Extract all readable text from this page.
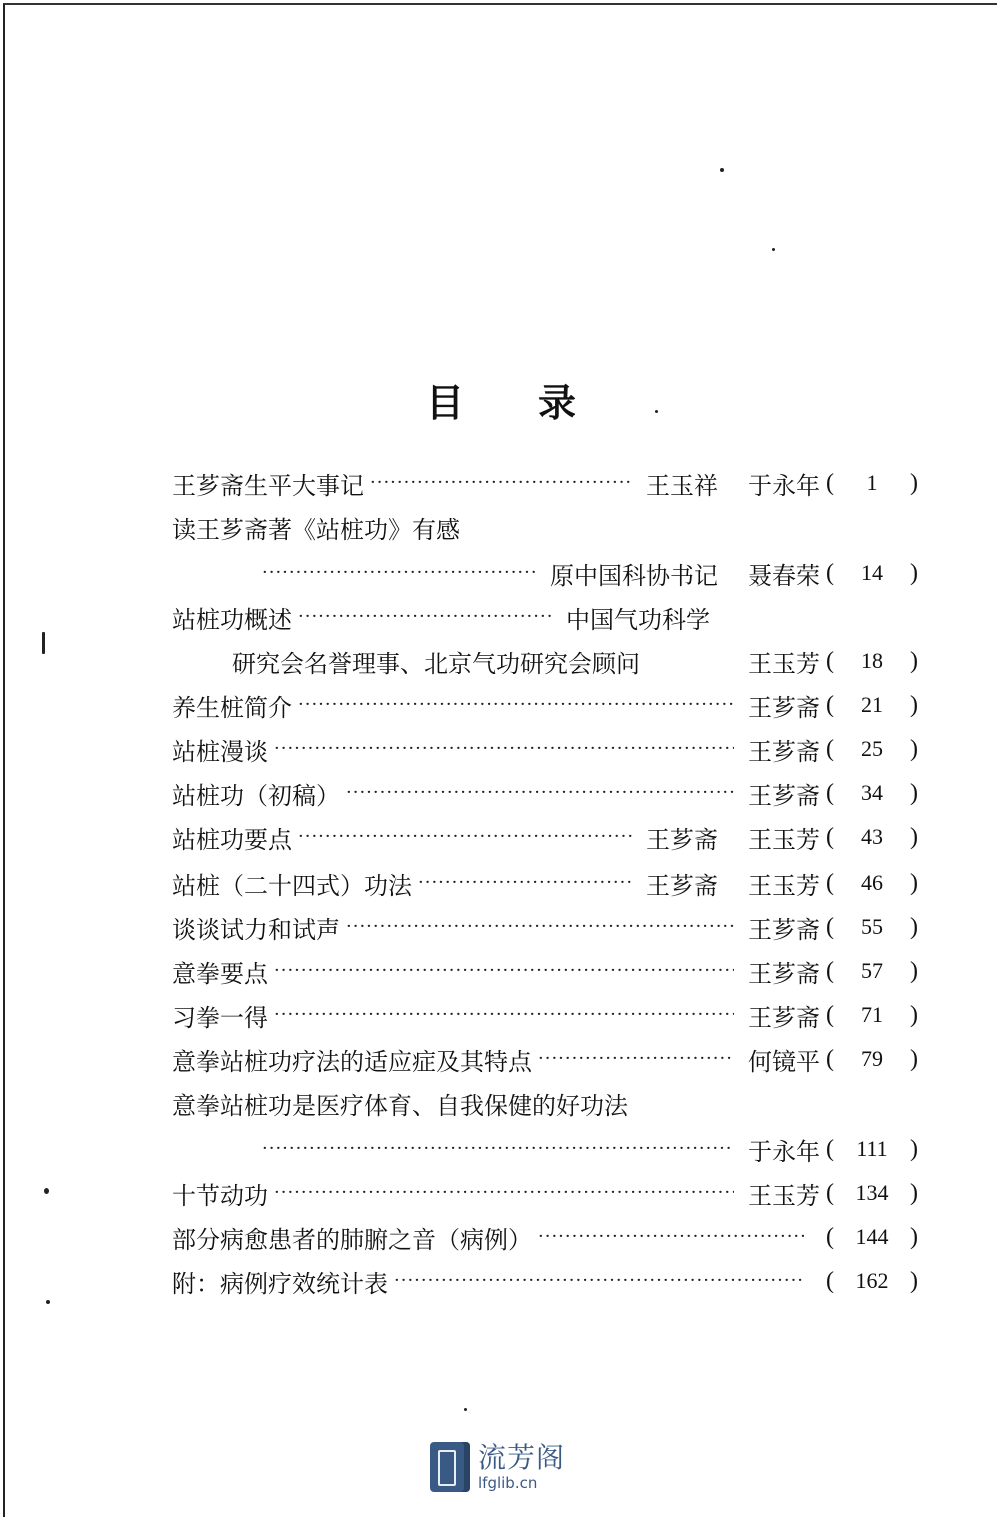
目 录
王芗斋生平大事记 ·····	王玉祥 于永年 ( 1 )
读王芗斋著《站桩功》有感
·····
原中国科协书记 聂春荣 ( 14 )
站桩功概述 ·····	中国气功科学
研究会名誉理事、北京气功研究会顾问	王玉芳 ( 18 )
养生桩简介 ·····	王芗斋 ( 21 )
站桩漫谈 ·····	王芗斋 ( 25 )
站桩功（初稿） ·····	王芗斋 ( 34 )
站桩功要点 ·····	王芗斋 王玉芳 ( 43 )
站桩（二十四式）功法 ·····	王芗斋 王玉芳 ( 46 )
谈谈试力和试声 ·····	王芗斋 ( 55 )
意拳要点 ·····	王芗斋 ( 57 )
习拳一得 ·····	王芗斋 ( 71 )
意拳站桩功疗法的适应症及其特点 ·····	何镜平 ( 79 )
意拳站桩功是医疗体育、自我保健的好功法
·····
于永年 ( 111 )
十节动功 ·····	王玉芳 ( 134 )
部分病愈患者的肺腑之音（病例） ·····	( 144 )
附：病例疗效统计表 ·····	( 162 )
流芳阁
lfglib.cn
